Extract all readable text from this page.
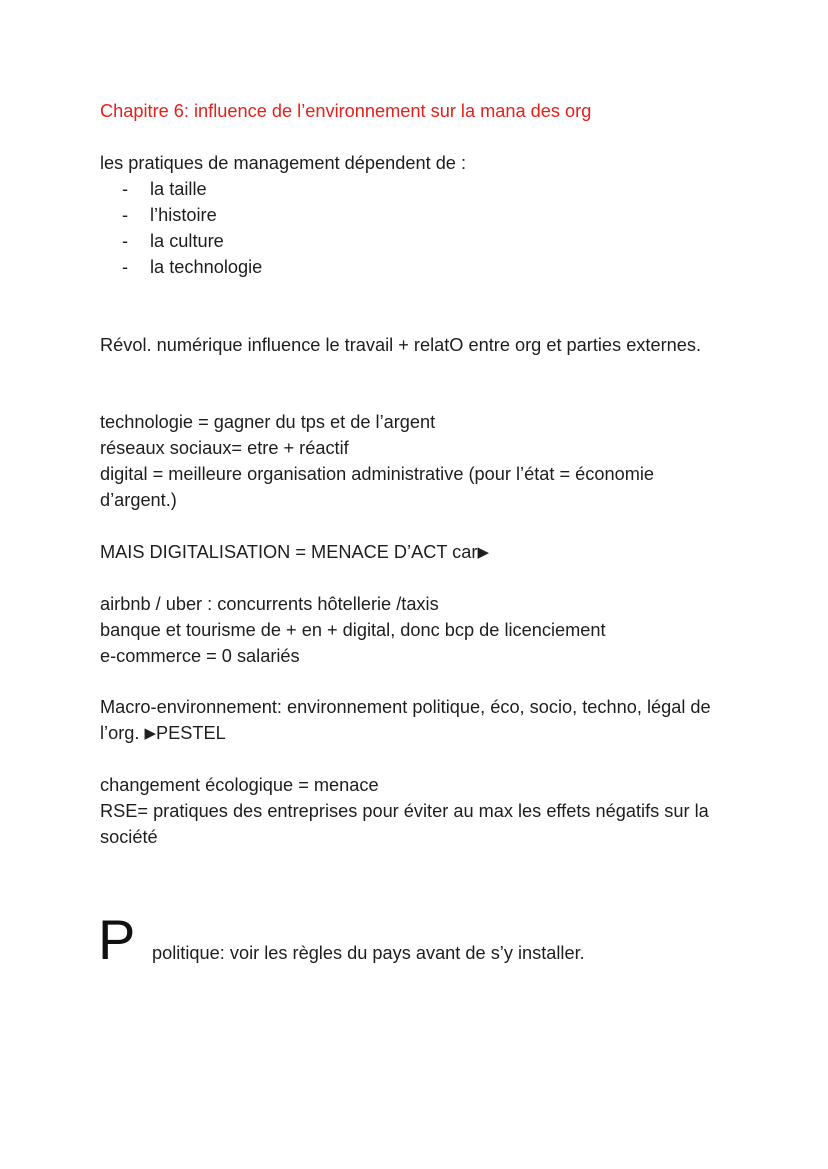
Chapitre 6: influence de l’environnement sur la mana des org
les pratiques de management dépendent de :
- la taille
- l’histoire
- la culture
- la technologie
Révol. numérique influence le travail + relatO entre org et parties externes.
technologie = gagner du tps et de l’argent
réseaux sociaux= etre + réactif
digital = meilleure organisation administrative (pour l’état = économie
d’argent.)
MAIS DIGITALISATION = MENACE D’ACT car▶
airbnb / uber : concurrents hôtellerie /taxis
banque et tourisme de + en + digital, donc bcp de licenciement
e-commerce = 0 salariés
Macro-environnement: environnement politique, éco, socio, techno, légal de
l’org. ▶PESTEL
changement écologique = menace
RSE= pratiques des entreprises pour éviter au max les effets négatifs sur la
société
P politique: voir les règles du pays avant de s’y installer.
